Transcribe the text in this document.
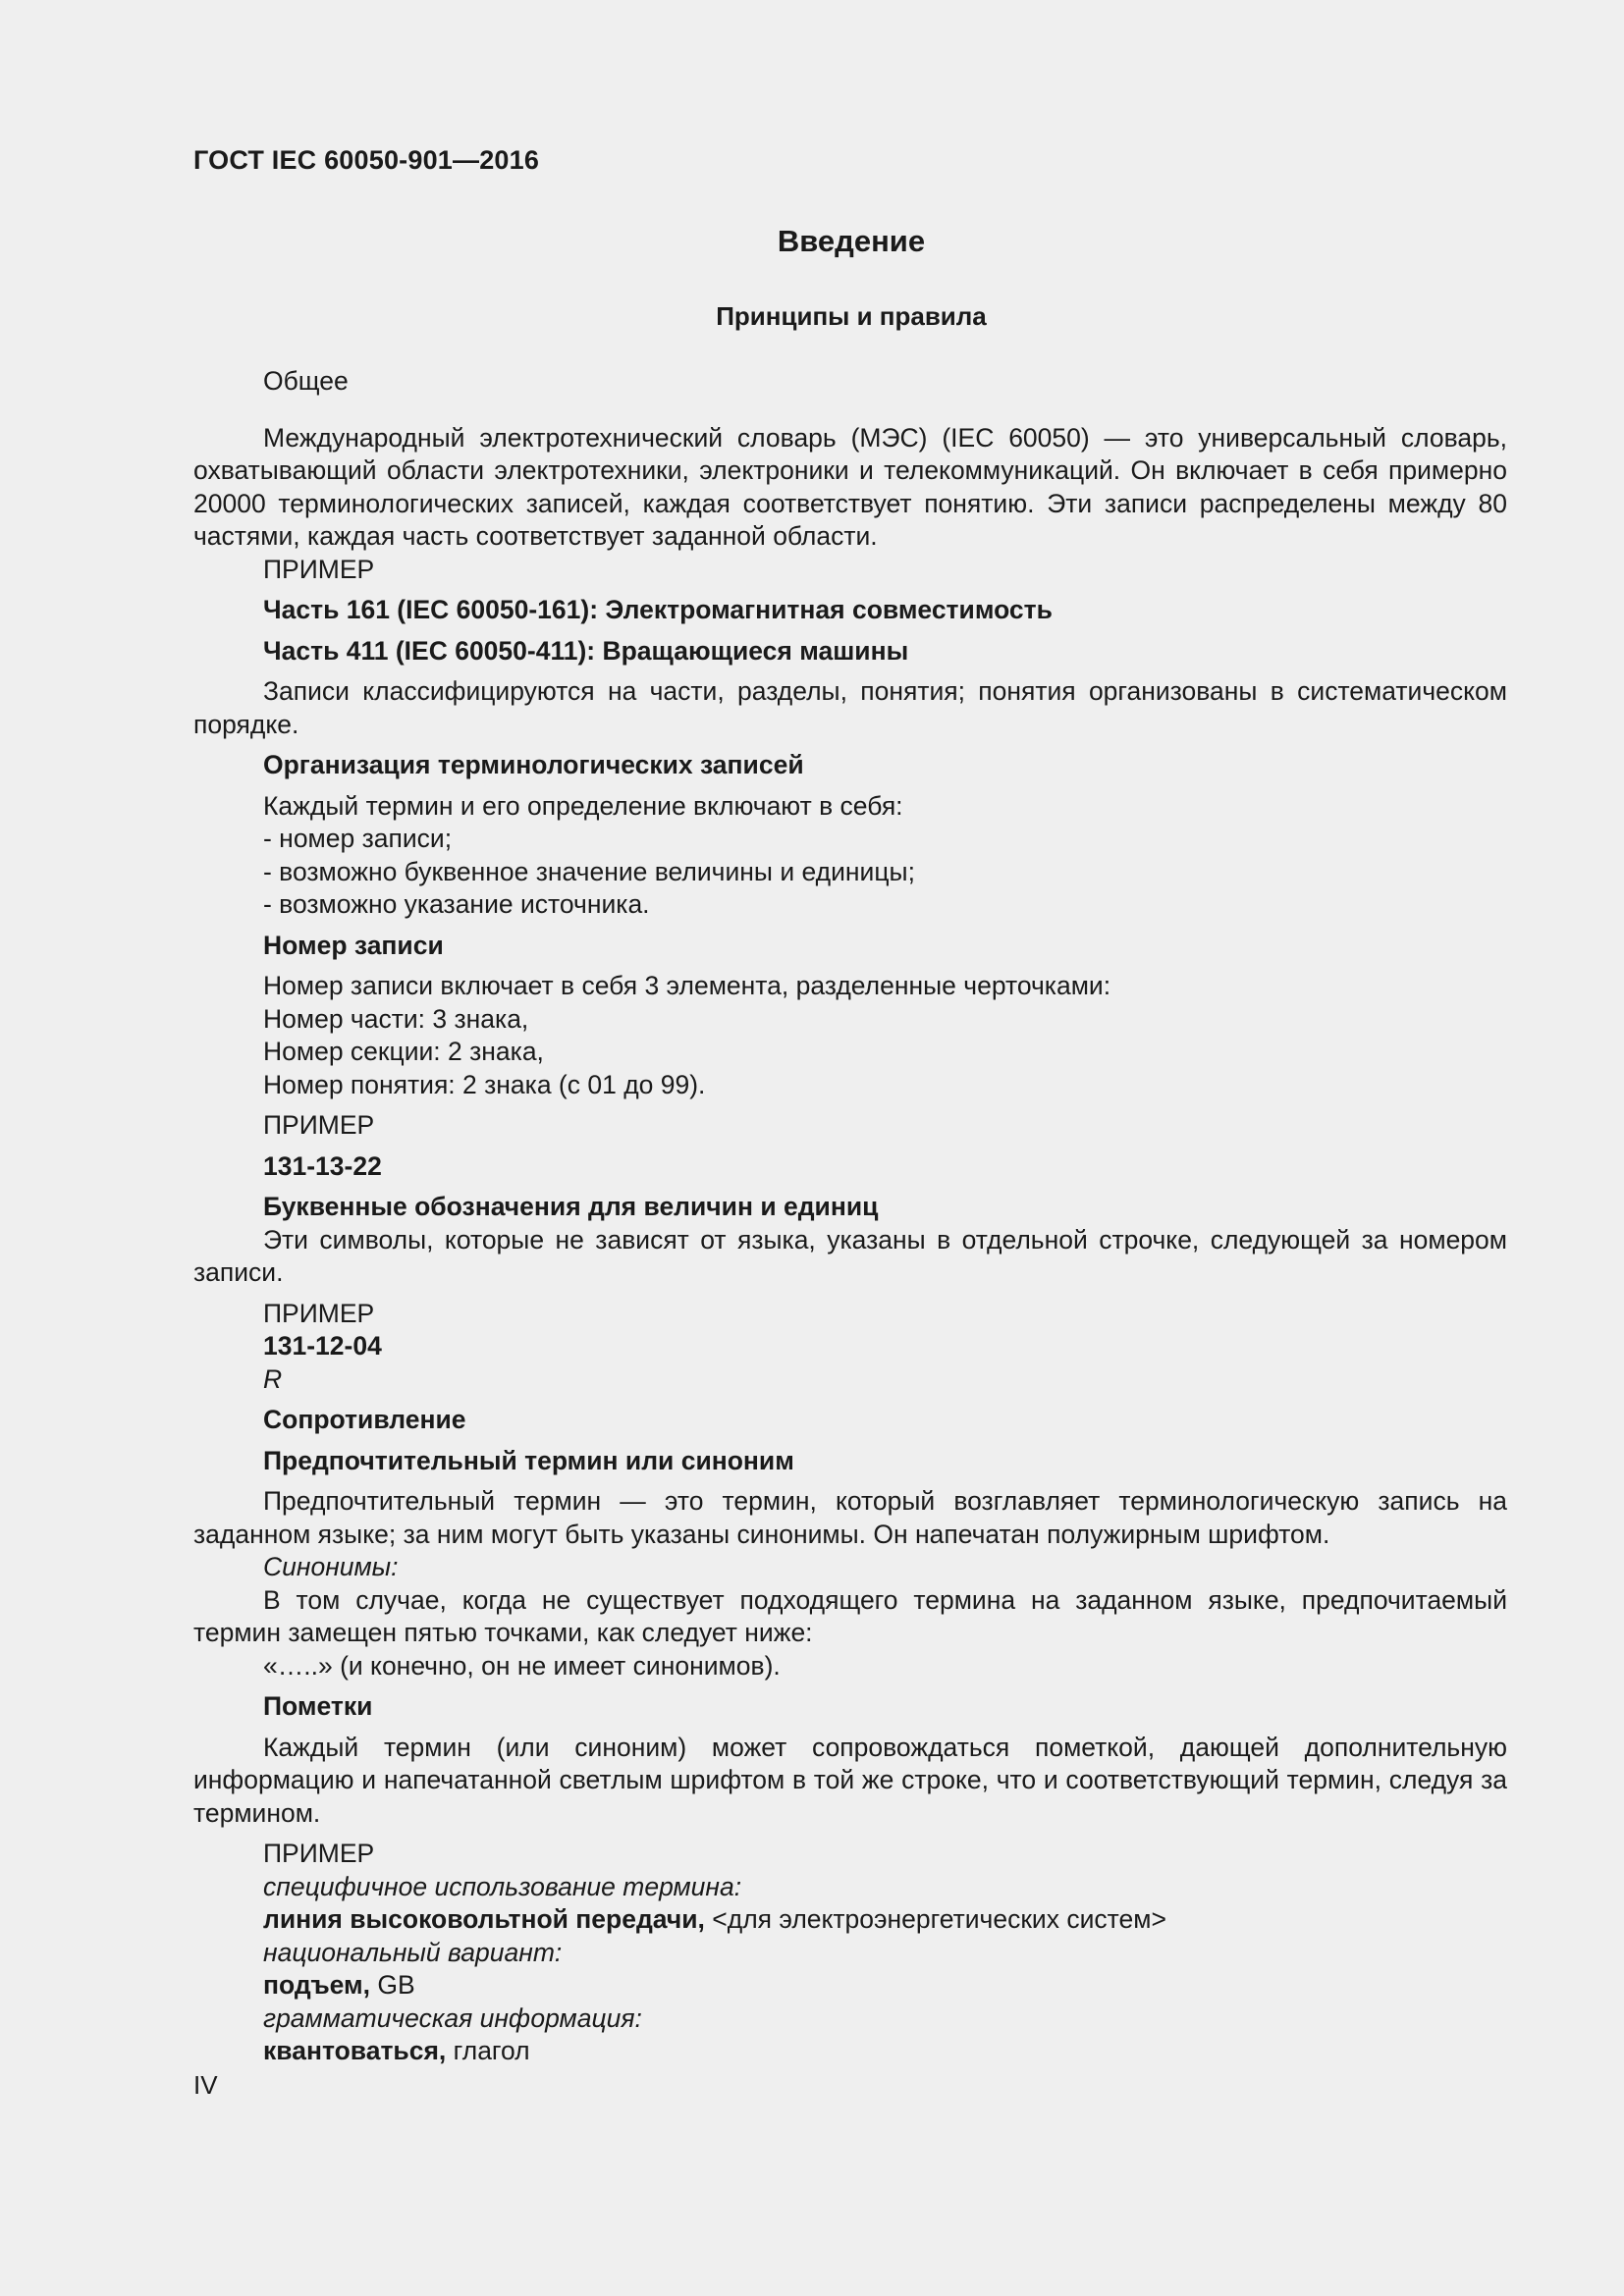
ГОСТ IEC 60050-901—2016
Введение
Принципы и правила

Общее

Международный электротехнический словарь (МЭС) (IEC 60050) — это универсальный словарь, охватывающий области электротехники, электроники и телекоммуникаций. Он включает в себя примерно 20000 терминологических записей, каждая соответствует понятию. Эти записи распределены между 80 частями, каждая часть соответствует заданной области.

ПРИМЕР

Часть 161 (IEC 60050-161): Электромагнитная совместимость

Часть 411 (IEC 60050-411): Вращающиеся машины

Записи классифицируются на части, разделы, понятия; понятия организованы в систематическом порядке.

Организация терминологических записей

Каждый термин и его определение включают в себя:

- номер записи;

- возможно буквенное значение величины и единицы;

- возможно указание источника.

Номер записи

Номер записи включает в себя 3 элемента, разделенные черточками:

Номер части: 3 знака,

Номер секции: 2 знака,

Номер понятия: 2 знака (с 01 до 99).

ПРИМЕР

131-13-22

Буквенные обозначения для величин и единиц

Эти символы, которые не зависят от языка, указаны в отдельной строчке, следующей за номером записи.

ПРИМЕР

131-12-04

R

Сопротивление

Предпочтительный термин или синоним

Предпочтительный термин — это термин, который возглавляет терминологическую запись на заданном языке; за ним могут быть указаны синонимы. Он напечатан полужирным шрифтом.

Синонимы:

В том случае, когда не существует подходящего термина на заданном языке, предпочитаемый термин замещен пятью точками, как следует ниже:

«…..» (и конечно, он не имеет синонимов).

Пометки

Каждый термин (или синоним) может сопровождаться пометкой, дающей дополнительную информацию и напечатанной светлым шрифтом в той же строке, что и соответствующий термин, следуя за термином.

ПРИМЕР

специфичное использование термина:

линия высоковольтной передачи, <для электроэнергетических систем>

национальный вариант:

подъем, GB

грамматическая информация:

квантоваться, глагол

IV
